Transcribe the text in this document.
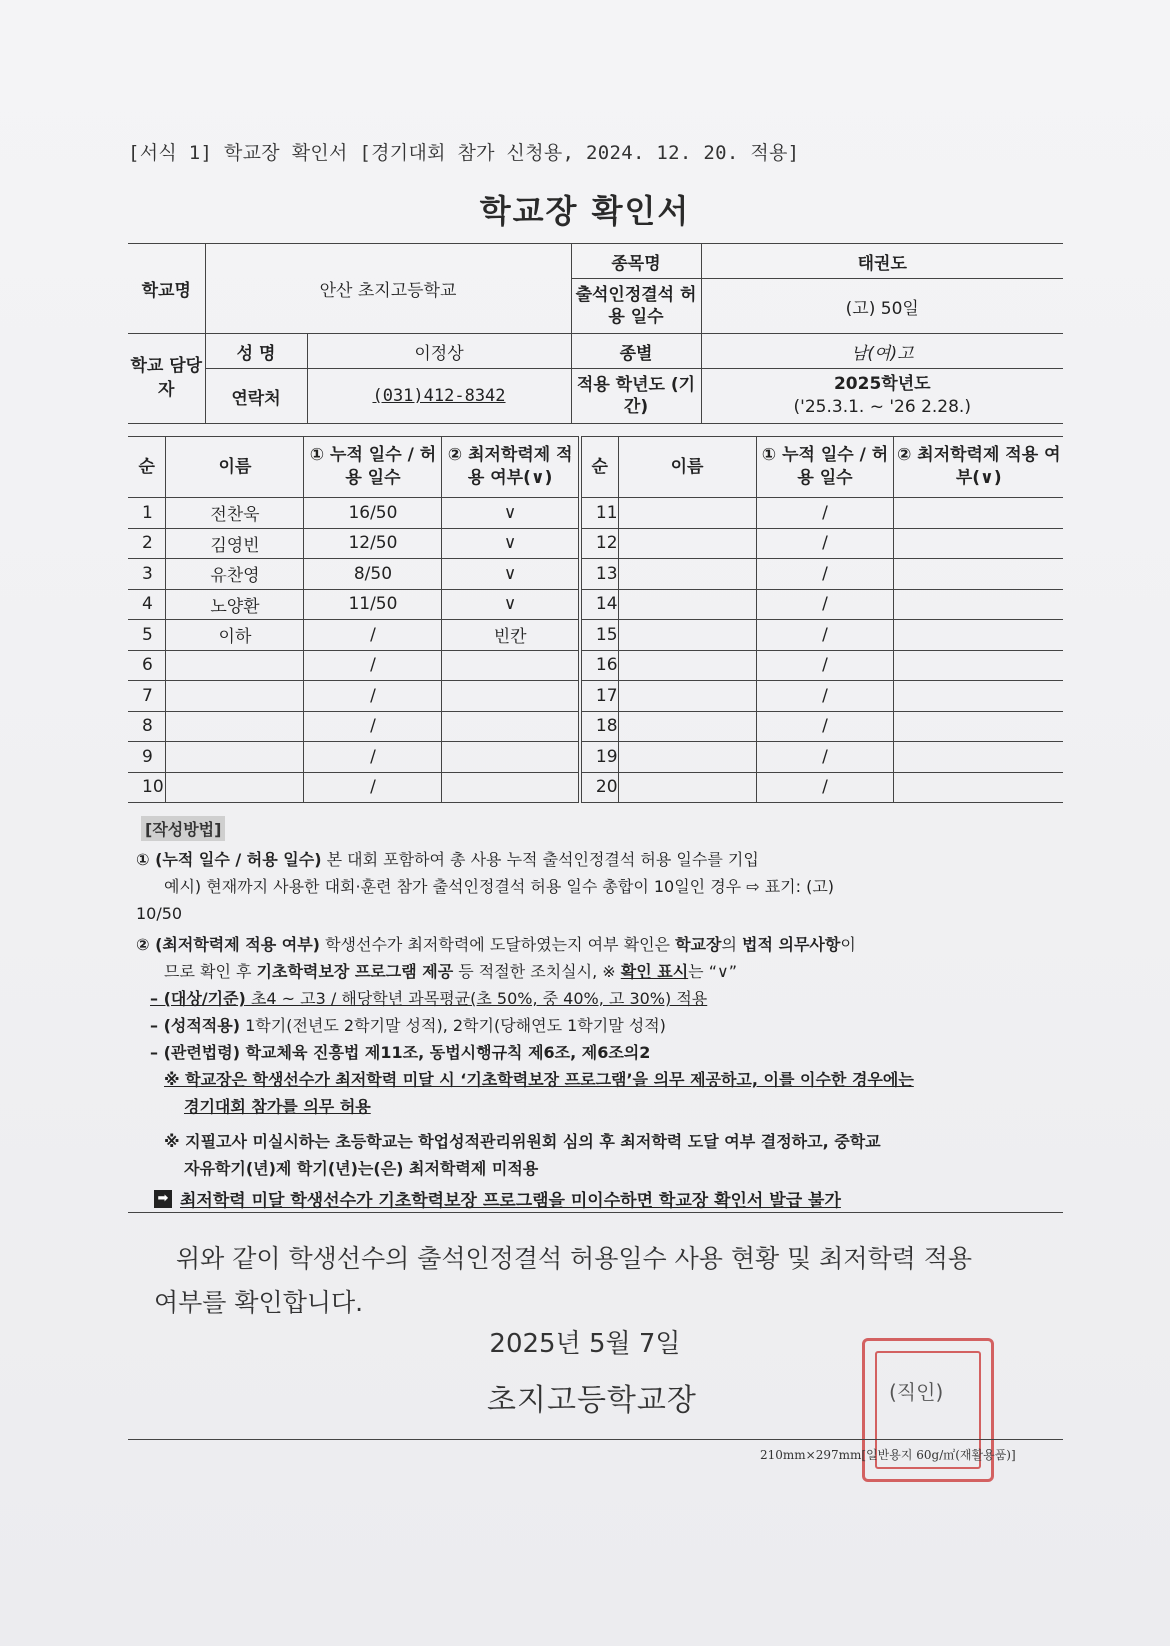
[서식 1] 학교장 확인서 [경기대회 참가 신청용, 2024. 12. 20. 적용]
학교장 확인서
학교명	안산 초지고등학교		종목명	태권도
			출석인정결석 허용 일수	(고) 50일
학교 담당자	성 명	이정상	종별	남(여)고
	연락처	(031)412-8342	적용 학년도 (기간)	2025학년도
('25.3.1. ~ '26 2.28.)
순	이름	① 누적 일수 / 허용 일수	② 최저학력제 적용 여부(∨)	순	이름	① 누적 일수 / 허용 일수	② 최저학력제 적용 여부(∨)
1	전찬욱	16/50	∨	11		/	
2	김영빈	12/50	∨	12		/	
3	유찬영	8/50	∨	13		/	
4	노양환	11/50	∨	14		/	
5	이하	/	빈칸	15		/	
6		/		16		/	
7		/		17		/	
8		/		18		/	
9		/		19		/	
10		/		20		/	
[작성방법]

① (누적 일수 / 허용 일수) 본 대회 포함하여 총 사용 누적 출석인정결석 허용 일수를 기입

예시) 현재까지 사용한 대회·훈련 참가 출석인정결석 허용 일수 총합이 10일인 경우 ⇨ 표기: (고)

10/50

② (최저학력제 적용 여부) 학생선수가 최저학력에 도달하였는지 여부 확인은 학교장의 법적 의무사항이

므로 확인 후 기초학력보장 프로그램 제공 등 적절한 조치실시, ※ 확인 표시는 “∨”

– (대상/기준) 초4 ~ 고3 / 해당학년 과목평균(초 50%, 중 40%, 고 30%) 적용

– (성적적용) 1학기(전년도 2학기말 성적), 2학기(당해연도 1학기말 성적)

– (관련법령) 학교체육 진흥법 제11조, 동법시행규칙 제6조, 제6조의2

※ 학교장은 학생선수가 최저학력 미달 시 ‘기초학력보장 프로그램’을 의무 제공하고, 이를 이수한 경우에는

경기대회 참가를 의무 허용

※ 지필고사 미실시하는 초등학교는 학업성적관리위원회 심의 후 최저학력 도달 여부 결정하고, 중학교

자유학기(년)제 학기(년)는(은) 최저학력제 미적용

➡ 최저학력 미달 학생선수가 기초학력보장 프로그램을 미이수하면 학교장 확인서 발급 불가
위와 같이 학생선수의 출석인정결석 허용일수 사용 현황 및 최저학력 적용
여부를 확인합니다.
2025년 5월 7일
초지고등학교장	(직인)
210mm×297mm[일반용지 60g/㎡(재활용품)]
